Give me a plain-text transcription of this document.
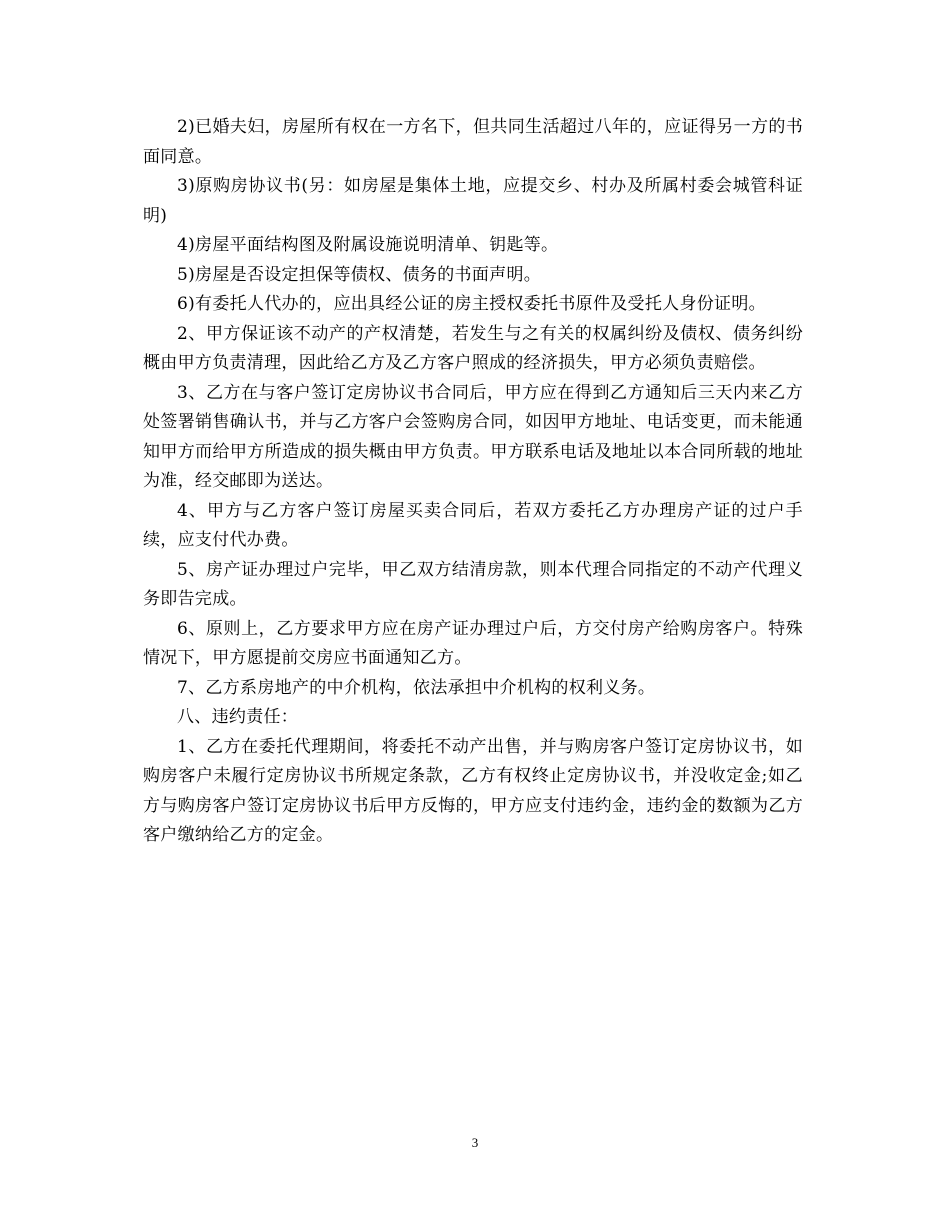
2)已婚夫妇，房屋所有权在一方名下，但共同生活超过八年的，应证得另一方的书面同意。

3)原购房协议书(另：如房屋是集体土地，应提交乡、村办及所属村委会城管科证明)

4)房屋平面结构图及附属设施说明清单、钥匙等。

5)房屋是否设定担保等债权、债务的书面声明。

6)有委托人代办的，应出具经公证的房主授权委托书原件及受托人身份证明。

2、甲方保证该不动产的产权清楚，若发生与之有关的权属纠纷及债权、债务纠纷概由甲方负责清理，因此给乙方及乙方客户照成的经济损失，甲方必须负责赔偿。

3、乙方在与客户签订定房协议书合同后，甲方应在得到乙方通知后三天内来乙方处签署销售确认书，并与乙方客户会签购房合同，如因甲方地址、电话变更，而未能通知甲方而给甲方所造成的损失概由甲方负责。甲方联系电话及地址以本合同所载的地址为准，经交邮即为送达。

4、甲方与乙方客户签订房屋买卖合同后，若双方委托乙方办理房产证的过户手续，应支付代办费。

5、房产证办理过户完毕，甲乙双方结清房款，则本代理合同指定的不动产代理义务即告完成。

6、原则上，乙方要求甲方应在房产证办理过户后，方交付房产给购房客户。特殊情况下，甲方愿提前交房应书面通知乙方。

7、乙方系房地产的中介机构，依法承担中介机构的权利义务。

八、违约责任：

1、乙方在委托代理期间，将委托不动产出售，并与购房客户签订定房协议书，如购房客户未履行定房协议书所规定条款，乙方有权终止定房协议书，并没收定金;如乙方与购房客户签订定房协议书后甲方反悔的，甲方应支付违约金，违约金的数额为乙方客户缴纳给乙方的定金。

3
